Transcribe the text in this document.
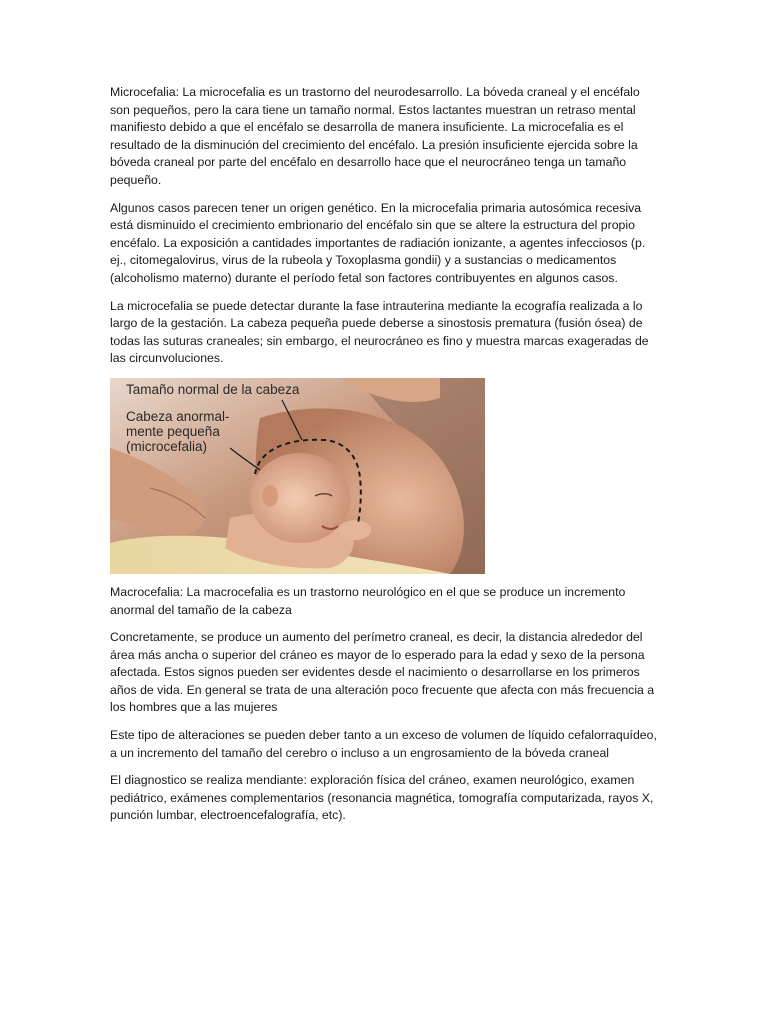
Microcefalia: La microcefalia es un trastorno del neurodesarrollo. La bóveda craneal y el encéfalo son pequeños, pero la cara tiene un tamaño normal. Estos lactantes muestran un retraso mental manifiesto debido a que el encéfalo se desarrolla de manera insuficiente. La microcefalia es el resultado de la disminución del crecimiento del encéfalo. La presión insuficiente ejercida sobre la bóveda craneal por parte del encéfalo en desarrollo hace que el neurocráneo tenga un tamaño pequeño.

Algunos casos parecen tener un origen genético. En la microcefalia primaria autosómica recesiva está disminuido el crecimiento embrionario del encéfalo sin que se altere la estructura del propio encéfalo. La exposición a cantidades importantes de radiación ionizante, a agentes infecciosos (p. ej., citomegalovirus, virus de la rubeola y Toxoplasma gondii) y a sustancias o medicamentos (alcoholismo materno) durante el período fetal son factores contribuyentes en algunos casos.

La microcefalia se puede detectar durante la fase intrauterina mediante la ecografía realizada a lo largo de la gestación. La cabeza pequeña puede deberse a sinostosis prematura (fusión ósea) de todas las suturas craneales; sin embargo, el neurocráneo es fino y muestra marcas exageradas de las circunvoluciones.

Tamaño normal de la cabeza
Cabeza anormal-
mente pequeña
(microcefalia)

Macrocefalia: La macrocefalia es un trastorno neurológico en el que se produce un incremento anormal del tamaño de la cabeza

Concretamente, se produce un aumento del perímetro craneal, es decir, la distancia alrededor del área más ancha o superior del cráneo es mayor de lo esperado para la edad y sexo de la persona afectada. Estos signos pueden ser evidentes desde el nacimiento o desarrollarse en los primeros años de vida. En general se trata de una alteración poco frecuente que afecta con más frecuencia a los hombres que a las mujeres

Este tipo de alteraciones se pueden deber tanto a un exceso de volumen de líquido cefalorraquídeo, a un incremento del tamaño del cerebro o incluso a un engrosamiento de la bóveda craneal

El diagnostico se realiza mendiante: exploración física del cráneo, examen neurológico, examen pediátrico, exámenes complementarios (resonancia magnética, tomografía computarizada, rayos X, punción lumbar, electroencefalografía, etc).
